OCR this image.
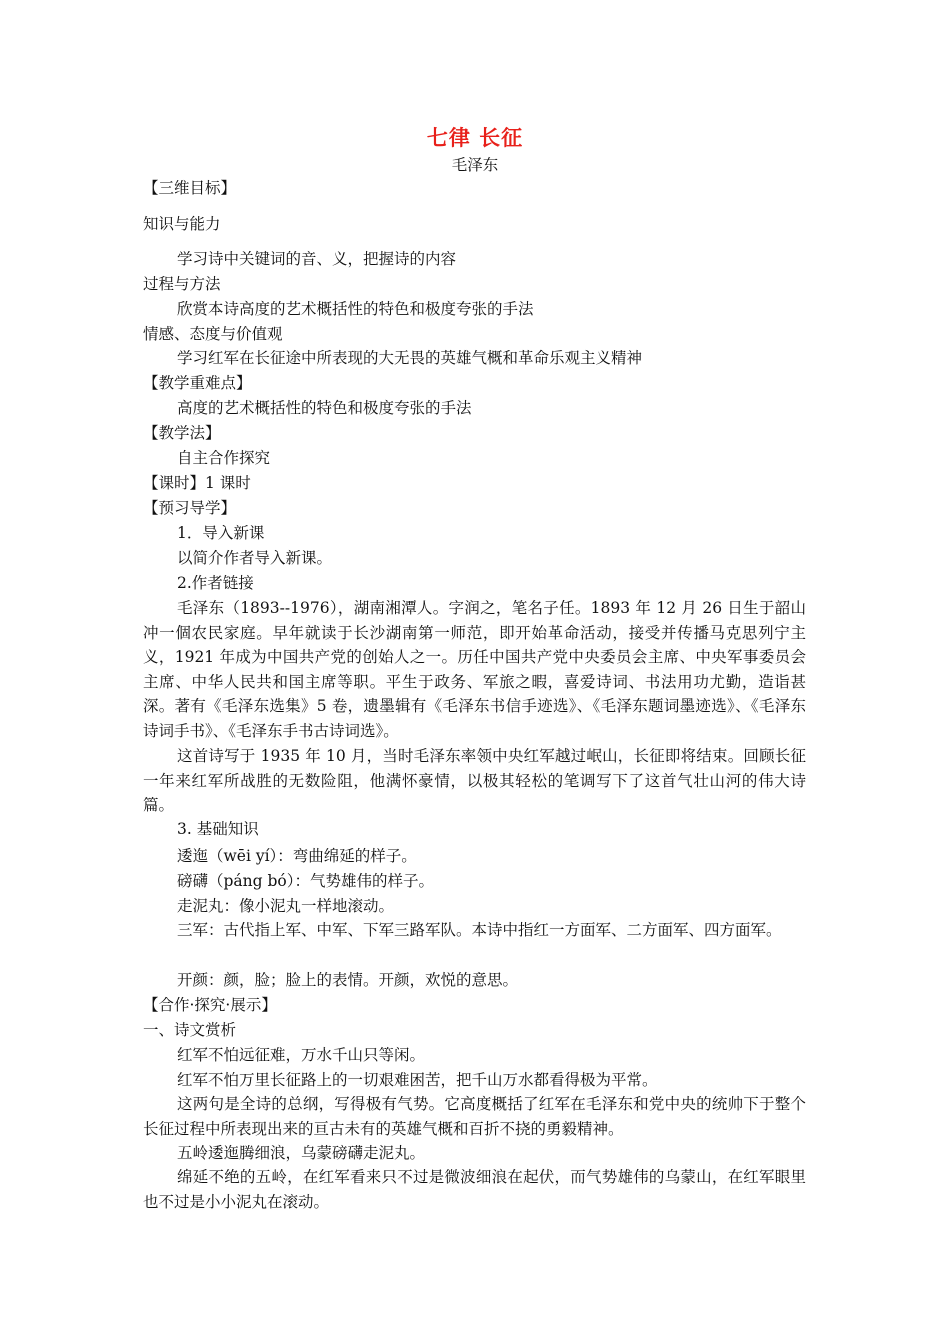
七律 长征
毛泽东
【三维目标】
知识与能力
学习诗中关键词的音、义，把握诗的内容
过程与方法
欣赏本诗高度的艺术概括性的特色和极度夸张的手法
情感、态度与价值观
学习红军在长征途中所表现的大无畏的英雄气概和革命乐观主义精神
【教学重难点】
高度的艺术概括性的特色和极度夸张的手法
【教学法】
自主合作探究
【课时】1 课时
【预习导学】
1．导入新课
以简介作者导入新课。
2.作者链接
毛泽东（1893--1976），湖南湘潭人。字润之，笔名子任。1893 年 12 月 26 日生于韶山冲一個农民家庭。早年就读于长沙湖南第一师范，即开始革命活动，接受并传播马克思列宁主义，1921 年成为中国共产党的创始人之一。历任中国共产党中央委员会主席、中央军事委员会主席、中华人民共和国主席等职。平生于政务、军旅之暇，喜爱诗词、书法用功尤勤，造诣甚深。著有《毛泽东选集》5 卷，遗墨辑有《毛泽东书信手迹选》、《毛泽东题词墨迹选》、《毛泽东诗词手书》、《毛泽东手书古诗词选》。
这首诗写于 1935 年 10 月，当时毛泽东率领中央红军越过岷山，长征即将结束。回顾长征一年来红军所战胜的无数险阻，他满怀豪情，以极其轻松的笔调写下了这首气壮山河的伟大诗篇。
3. 基础知识
逶迤（wēi yí）：弯曲绵延的样子。
磅礴（páng bó）：气势雄伟的样子。
走泥丸：像小泥丸一样地滚动。
三军：古代指上军、中军、下军三路军队。本诗中指红一方面军、二方面军、四方面军。
开颜：颜，脸；脸上的表情。开颜，欢悦的意思。
【合作·探究·展示】
一、诗文赏析
红军不怕远征难，万水千山只等闲。
红军不怕万里长征路上的一切艰难困苦，把千山万水都看得极为平常。
这两句是全诗的总纲，写得极有气势。它高度概括了红军在毛泽东和党中央的统帅下于整个长征过程中所表现出来的亘古未有的英雄气概和百折不挠的勇毅精神。
五岭逶迤腾细浪，乌蒙磅礴走泥丸。
绵延不绝的五岭，在红军看来只不过是微波细浪在起伏，而气势雄伟的乌蒙山，在红军眼里也不过是小小泥丸在滚动。
